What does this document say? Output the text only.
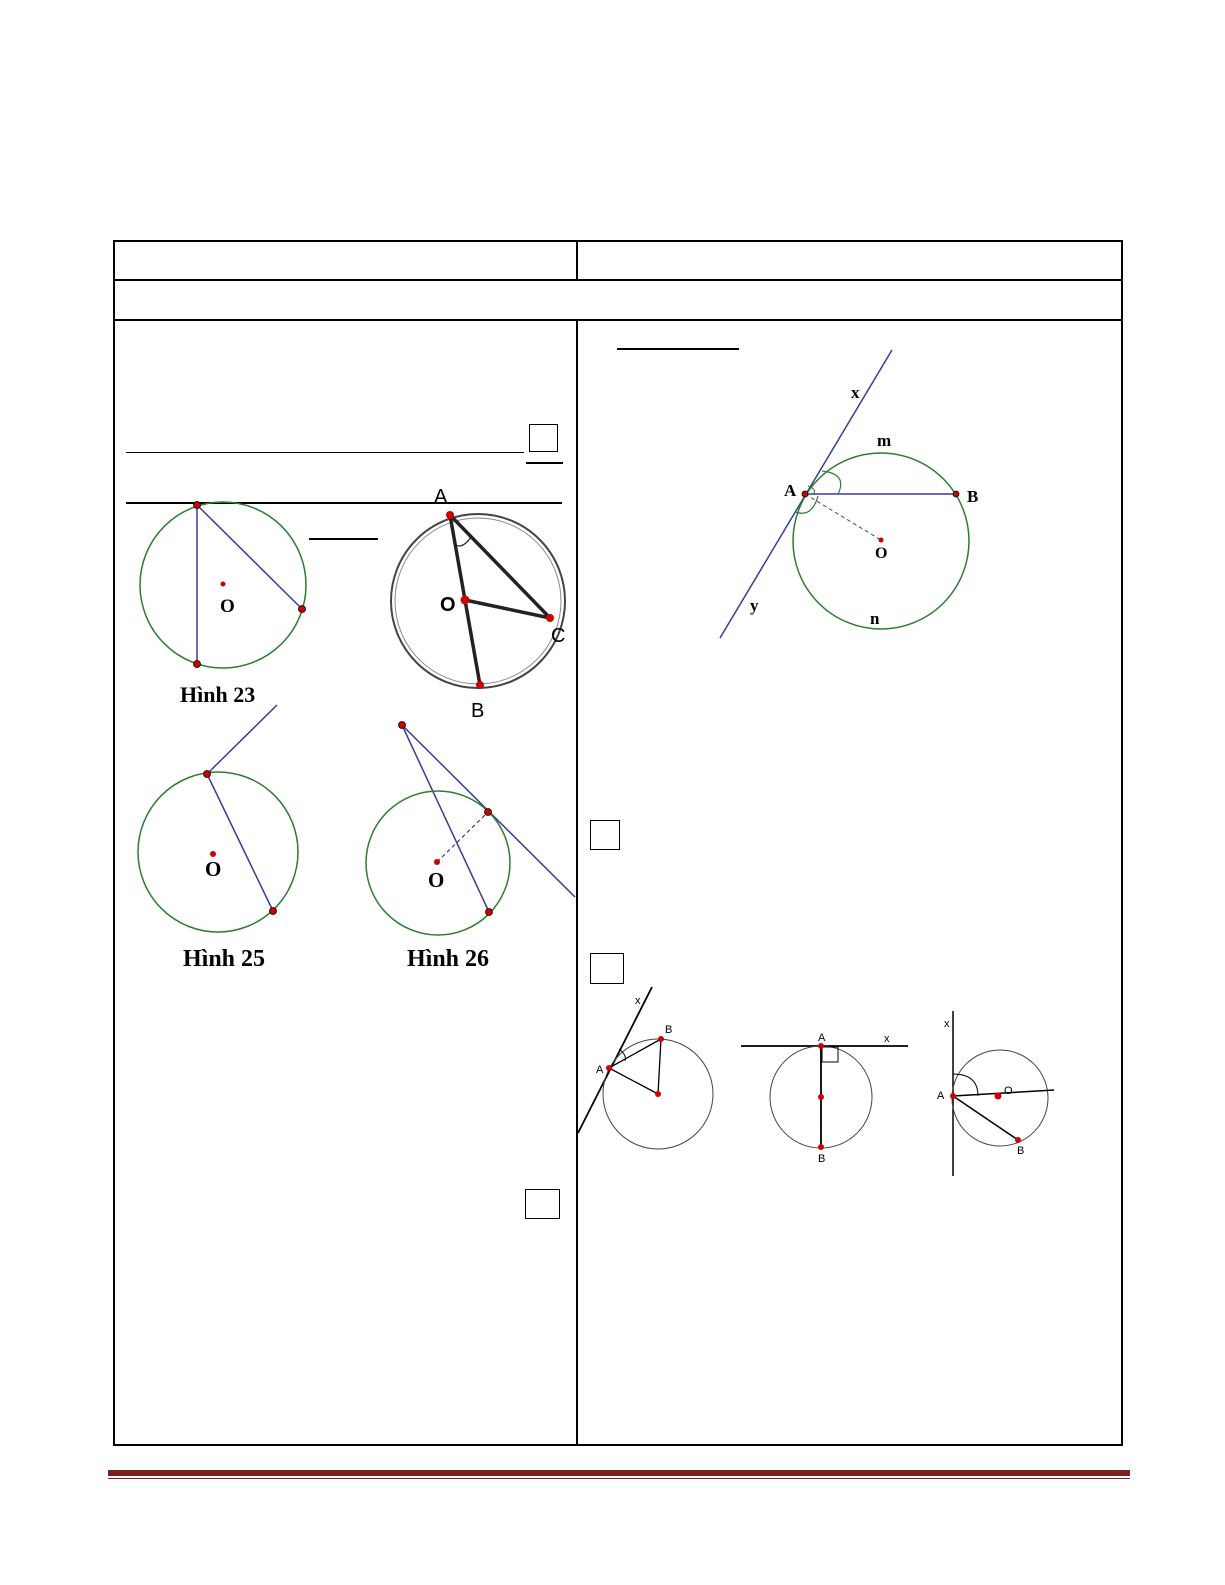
O
Hình 23
A
O
B
C
O
Hình 25
O
Hình 26
x
y
m
n
A	B
O
x
A
B
A	x
B
x
A	O
B
